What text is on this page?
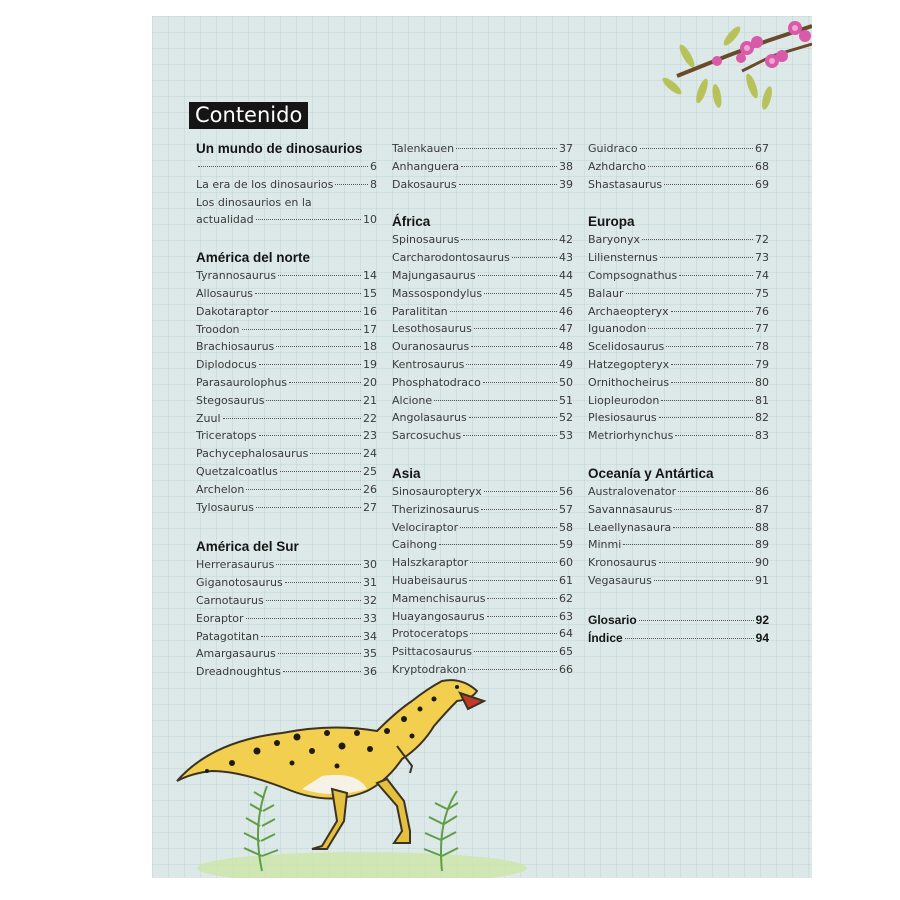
Contenido
Un mundo de dinosaurios
6
La era de los dinosaurios	8
Los dinosaurios en la
actualidad	10
América del norte
Tyrannosaurus	14
Allosaurus	15
Dakotaraptor	16
Troodon	17
Brachiosaurus	18
Diplodocus	19
Parasaurolophus	20
Stegosaurus	21
Zuul	22
Triceratops	23
Pachycephalosaurus	24
Quetzalcoatlus	25
Archelon	26
Tylosaurus	27
América del Sur
Herrerasaurus	30
Giganotosaurus	31
Carnotaurus	32
Eoraptor	33
Patagotitan	34
Amargasaurus	35
Dreadnoughtus	36
Talenkauen	37
Anhanguera	38
Dakosaurus	39
África
Spinosaurus	42
Carcharodontosaurus	43
Majungasaurus	44
Massospondylus	45
Paralititan	46
Lesothosaurus	47
Ouranosaurus	48
Kentrosaurus	49
Phosphatodraco	50
Alcione	51
Angolasaurus	52
Sarcosuchus	53
Asia
Sinosauropteryx	56
Therizinosaurus	57
Velociraptor	58
Caihong	59
Halszkaraptor	60
Huabeisaurus	61
Mamenchisaurus	62
Huayangosaurus	63
Protoceratops	64
Psittacosaurus	65
Kryptodrakon	66
Guidraco	67
Azhdarcho	68
Shastasaurus	69
Europa
Baryonyx	72
Liliensternus	73
Compsognathus	74
Balaur	75
Archaeopteryx	76
Iguanodon	77
Scelidosaurus	78
Hatzegopteryx	79
Ornithocheirus	80
Liopleurodon	81
Plesiosaurus	82
Metriorhynchus	83
Oceanía y Antártica
Australovenator	86
Savannasaurus	87
Leaellynasaura	88
Minmi	89
Kronosaurus	90
Vegasaurus	91
Glosario	92
Índice	94
